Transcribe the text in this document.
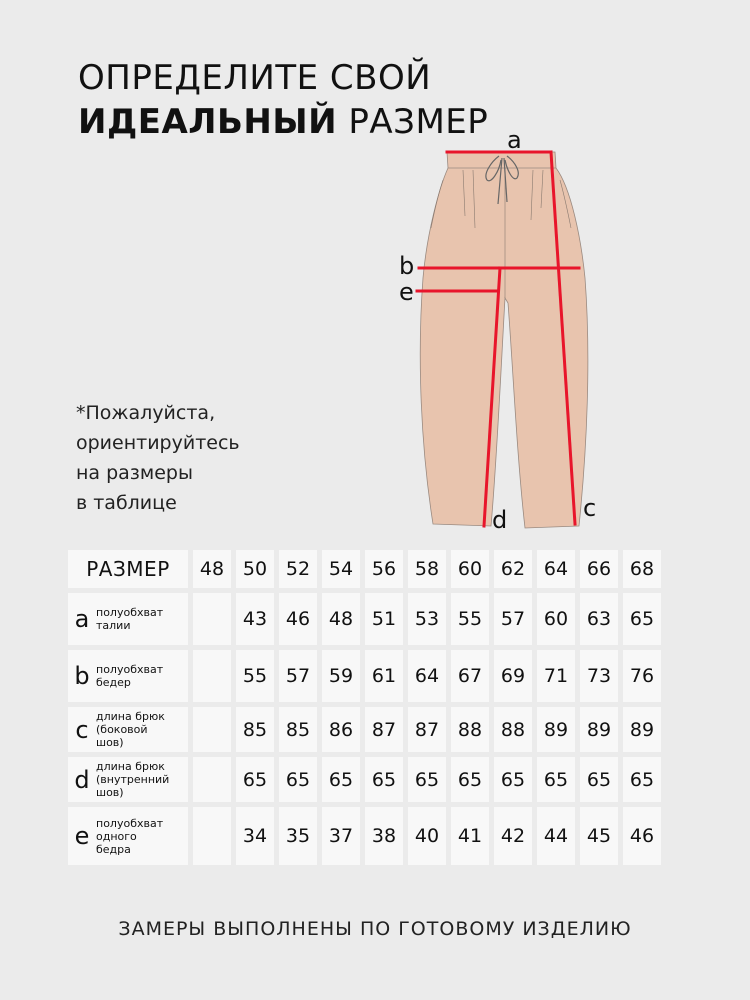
ОПРЕДЕЛИТЕ СВОЙ
ИДЕАЛЬНЫЙ РАЗМЕР
*Пожалуйста,
ориентируйтесь
на размеры
в таблице
a
b
e
c
d
РАЗМЕР	48	50	52	54	56	58	60	62	64	66	68
a полуобхват
талии		43	46	48	51	53	55	57	60	63	65
b полуобхват
бедер		55	57	59	61	64	67	69	71	73	76
c длина брюк
(боковой
шов)		85	85	86	87	87	88	88	89	89	89
d длина брюк
(внутренний
шов)		65	65	65	65	65	65	65	65	65	65
e полуобхват
одного
бедра		34	35	37	38	40	41	42	44	45	46
ЗАМЕРЫ ВЫПОЛНЕНЫ ПО ГОТОВОМУ ИЗДЕЛИЮ
